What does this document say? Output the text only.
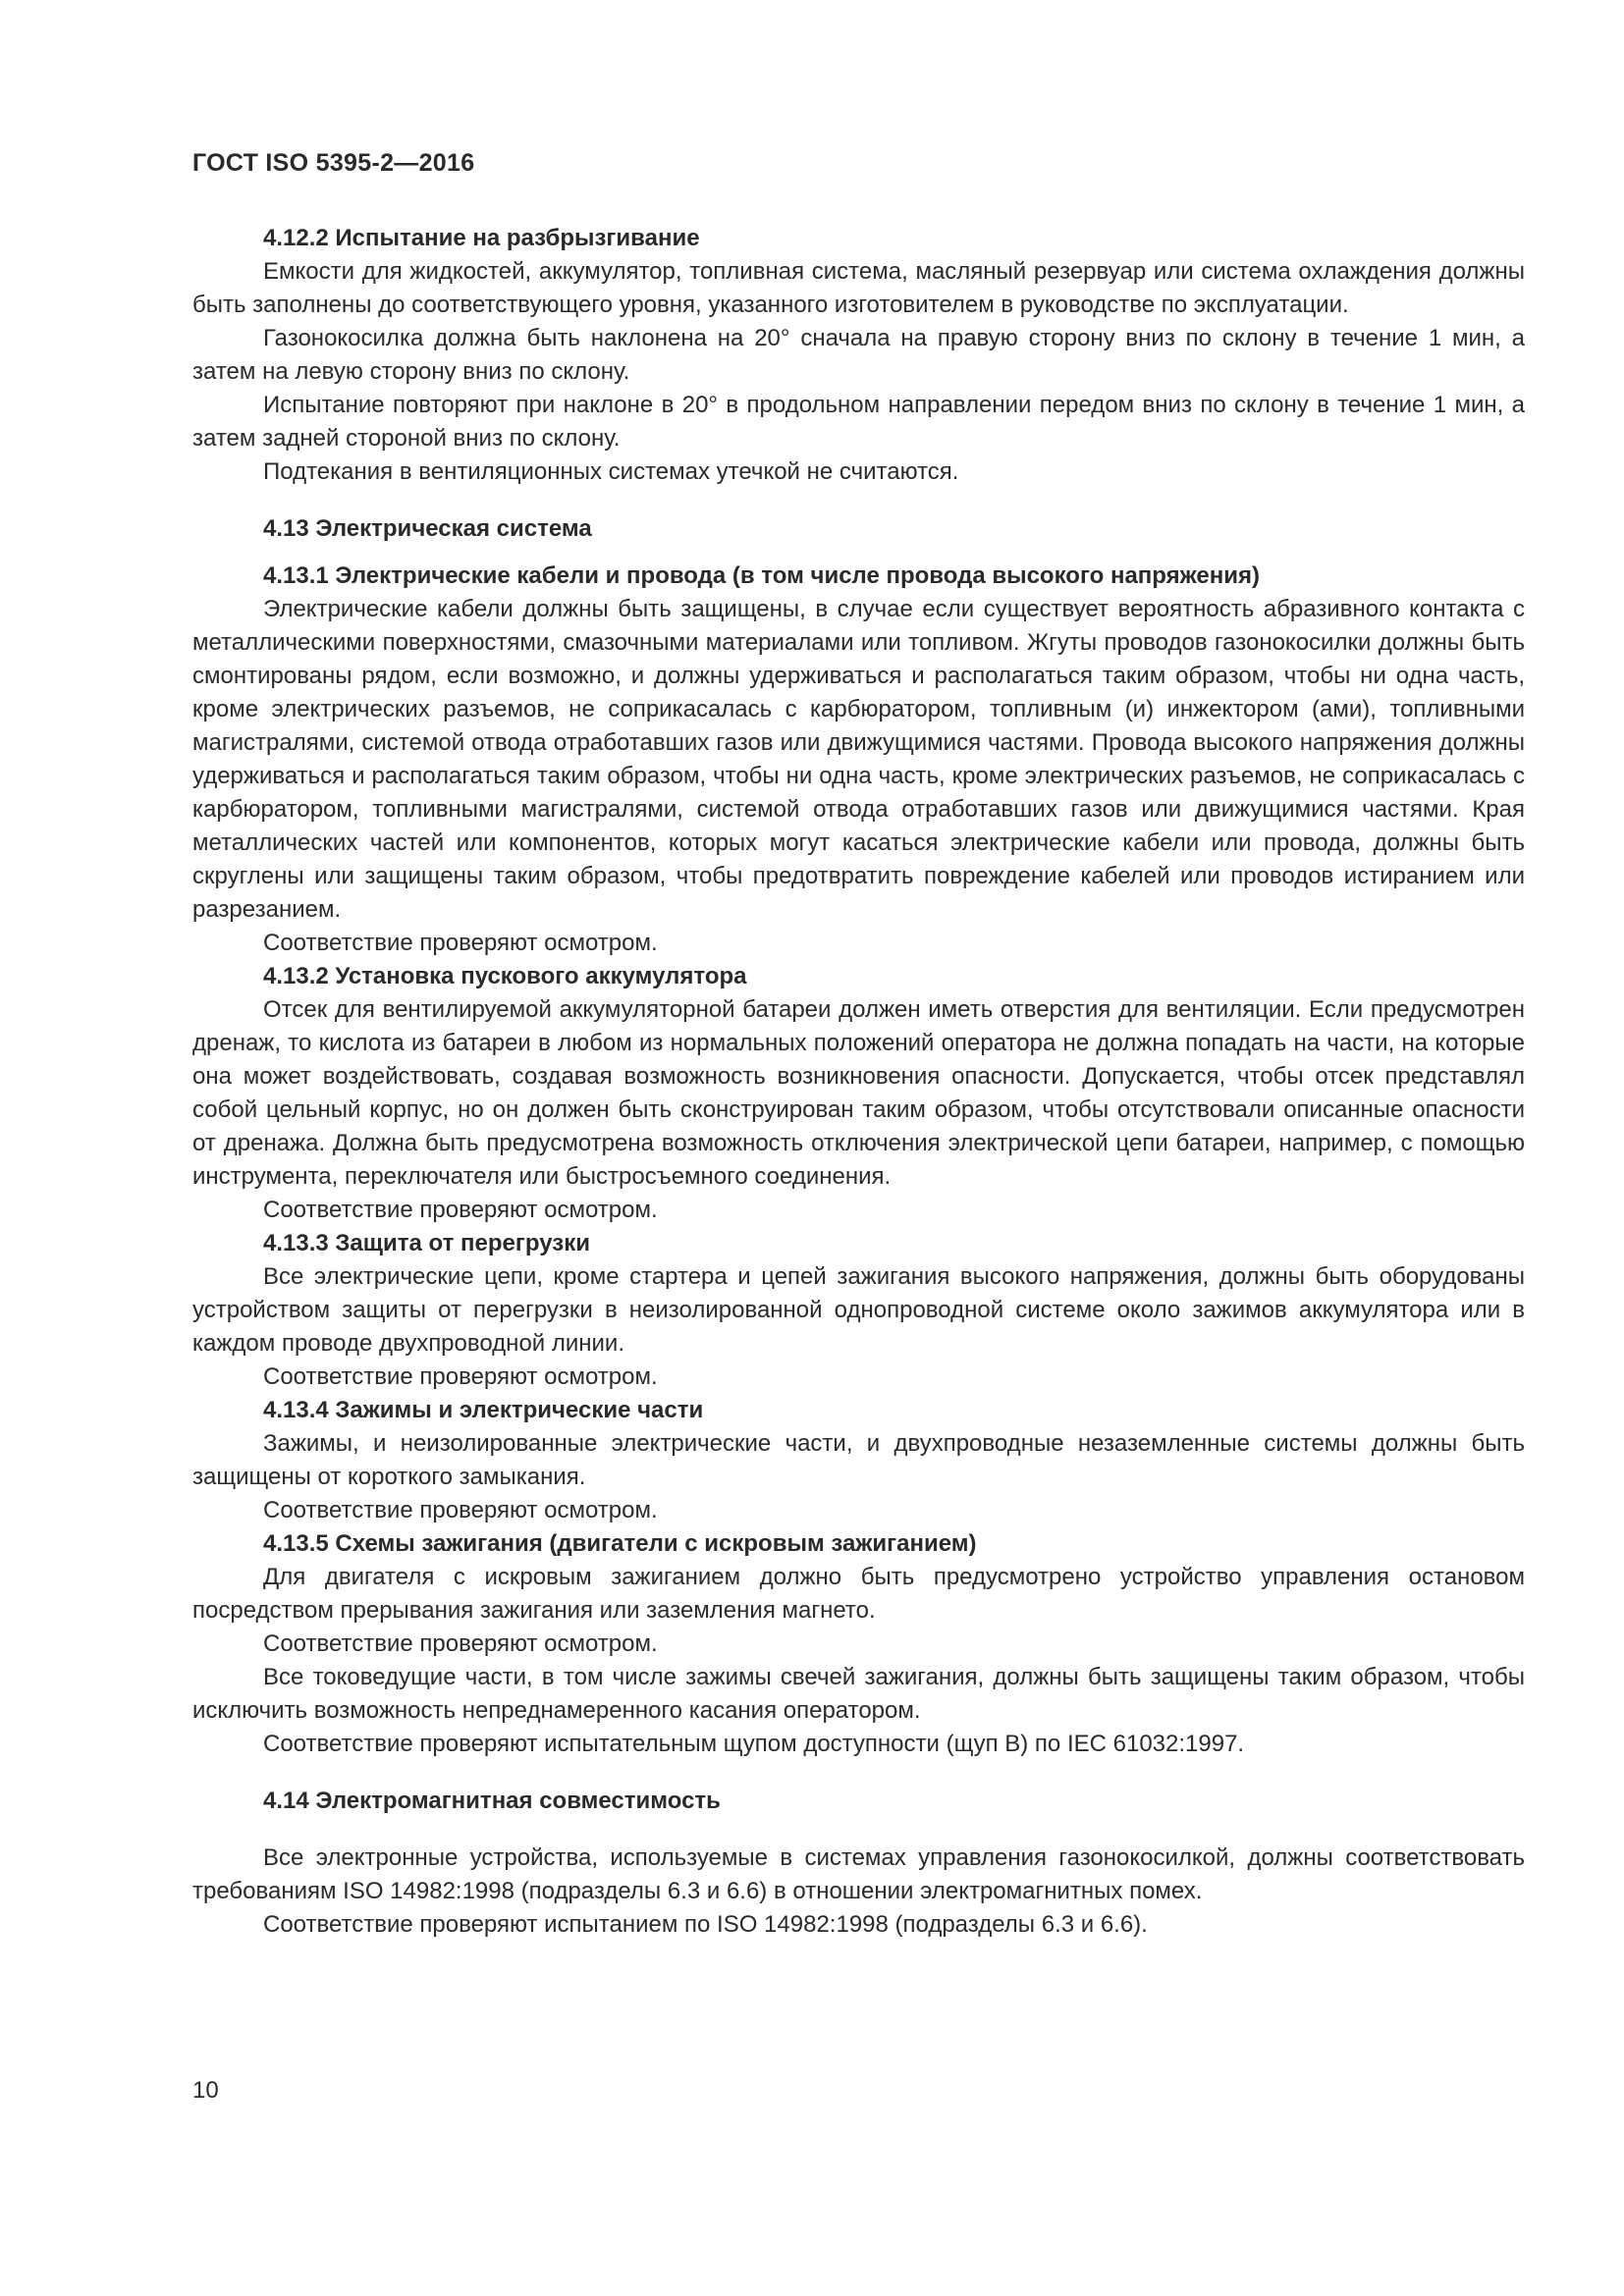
ГОСТ ISO 5395-2—2016

4.12.2 Испытание на разбрызгивание

Емкости для жидкостей, аккумулятор, топливная система, масляный резервуар или система охлаждения должны быть заполнены до соответствующего уровня, указанного изготовителем в руководстве по эксплуатации.

Газонокосилка должна быть наклонена на 20° сначала на правую сторону вниз по склону в течение 1 мин, а затем на левую сторону вниз по склону.

Испытание повторяют при наклоне в 20° в продольном направлении передом вниз по склону в течение 1 мин, а затем задней стороной вниз по склону.

Подтекания в вентиляционных системах утечкой не считаются.

4.13 Электрическая система

4.13.1 Электрические кабели и провода (в том числе провода высокого напряжения)

Электрические кабели должны быть защищены, в случае если существует вероятность абразивного контакта с металлическими поверхностями, смазочными материалами или топливом. Жгуты проводов газонокосилки должны быть смонтированы рядом, если возможно, и должны удерживаться и располагаться таким образом, чтобы ни одна часть, кроме электрических разъемов, не соприкасалась с карбюратором, топливным (и) инжектором (ами), топливными магистралями, системой отвода отработавших газов или движущимися частями. Провода высокого напряжения должны удерживаться и располагаться таким образом, чтобы ни одна часть, кроме электрических разъемов, не соприкасалась с карбюратором, топливными магистралями, системой отвода отработавших газов или движущимися частями. Края металлических частей или компонентов, которых могут касаться электрические кабели или провода, должны быть скруглены или защищены таким образом, чтобы предотвратить повреждение кабелей или проводов истиранием или разрезанием.

Соответствие проверяют осмотром.

4.13.2 Установка пускового аккумулятора

Отсек для вентилируемой аккумуляторной батареи должен иметь отверстия для вентиляции. Если предусмотрен дренаж, то кислота из батареи в любом из нормальных положений оператора не должна попадать на части, на которые она может воздействовать, создавая возможность возникновения опасности. Допускается, чтобы отсек представлял собой цельный корпус, но он должен быть сконструирован таким образом, чтобы отсутствовали описанные опасности от дренажа. Должна быть предусмотрена возможность отключения электрической цепи батареи, например, с помощью инструмента, переключателя или быстросъемного соединения.

Соответствие проверяют осмотром.

4.13.3 Защита от перегрузки

Все электрические цепи, кроме стартера и цепей зажигания высокого напряжения, должны быть оборудованы устройством защиты от перегрузки в неизолированной однопроводной системе около зажимов аккумулятора или в каждом проводе двухпроводной линии.

Соответствие проверяют осмотром.

4.13.4 Зажимы и электрические части

Зажимы, и неизолированные электрические части, и двухпроводные незаземленные системы должны быть защищены от короткого замыкания.

Соответствие проверяют осмотром.

4.13.5 Схемы зажигания (двигатели с искровым зажиганием)

Для двигателя с искровым зажиганием должно быть предусмотрено устройство управления остановом посредством прерывания зажигания или заземления магнето.

Соответствие проверяют осмотром.

Все токоведущие части, в том числе зажимы свечей зажигания, должны быть защищены таким образом, чтобы исключить возможность непреднамеренного касания оператором.

Соответствие проверяют испытательным щупом доступности (щуп В) по IEC 61032:1997.

4.14 Электромагнитная совместимость

Все электронные устройства, используемые в системах управления газонокосилкой, должны соответствовать требованиям ISO 14982:1998 (подразделы 6.3 и 6.6) в отношении электромагнитных помех.

Соответствие проверяют испытанием по ISO 14982:1998 (подразделы 6.3 и 6.6).

10
